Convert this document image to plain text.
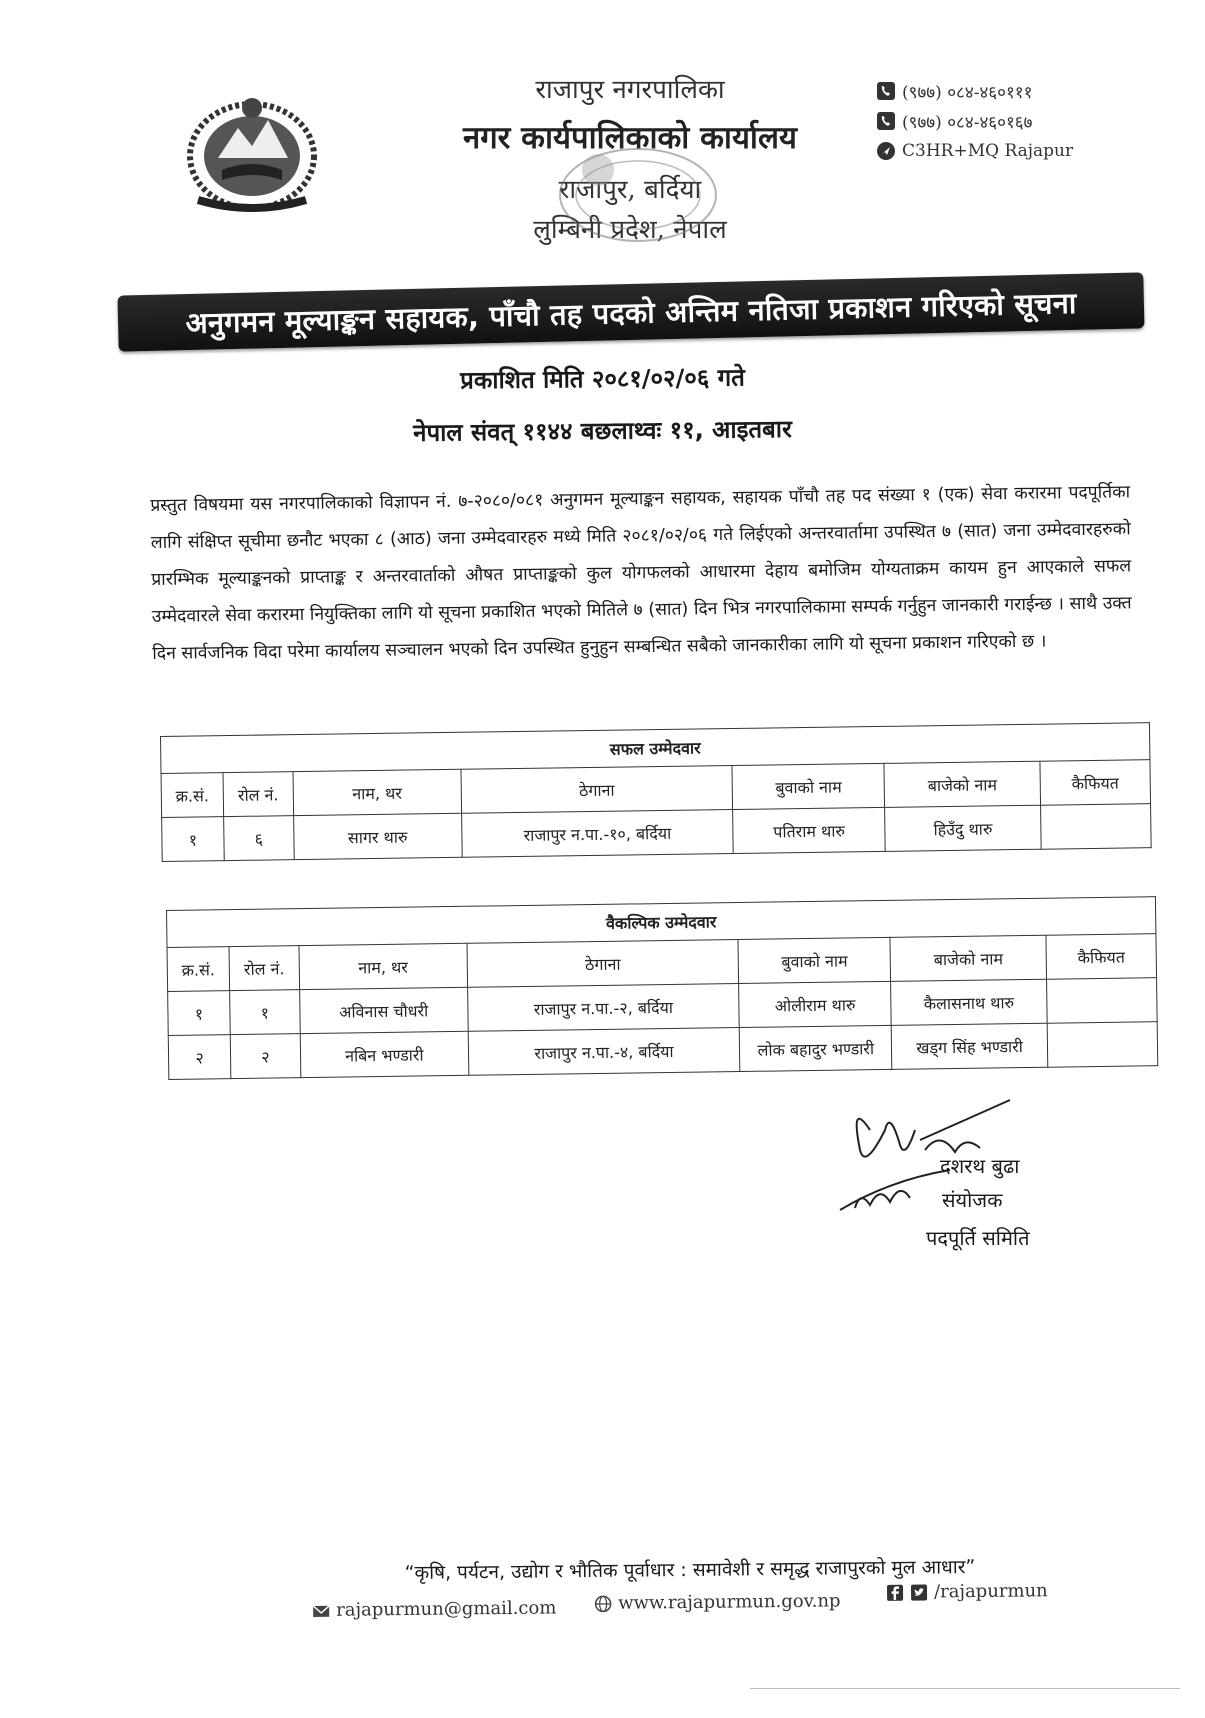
राजापुर नगरपालिका
नगर कार्यपालिकाको कार्यालय
राजापुर, बर्दिया
लुम्बिनी प्रदेश, नेपाल
(९७७) ०८४-४६०१११
(९७७) ०८४-४६०१६७
C3HR+MQ Rajapur
अनुगमन मूल्याङ्कन सहायक, पाँचौ तह पदको अन्तिम नतिजा प्रकाशन गरिएको सूचना
प्रकाशित मिति २०८१/०२/०६ गते
नेपाल संवत् ११४४ बछलाथ्वः ११, आइतबार
प्रस्तुत विषयमा यस नगरपालिकाको विज्ञापन नं. ७-२०८०/०८१ अनुगमन मूल्याङ्कन सहायक, सहायक पाँचौ तह पद संख्या १ (एक) सेवा करारमा पदपूर्तिका लागि संक्षिप्त सूचीमा छनौट भएका ८ (आठ) जना उम्मेदवारहरु मध्ये मिति २०८१/०२/०६ गते लिईएको अन्तरवार्तामा उपस्थित ७ (सात) जना उम्मेदवारहरुको प्रारम्भिक मूल्याङ्कनको प्राप्ताङ्क र अन्तरवार्ताको औषत प्राप्ताङ्कको कुल योगफलको आधारमा देहाय बमोजिम योग्यताक्रम कायम हुन आएकाले सफल उम्मेदवारले सेवा करारमा नियुक्तिका लागि यो सूचना प्रकाशित भएको मितिले ७ (सात) दिन भित्र नगरपालिकामा सम्पर्क गर्नुहुन जानकारी गराईन्छ । साथै उक्त दिन सार्वजनिक विदा परेमा कार्यालय सञ्चालन भएको दिन उपस्थित हुनुहुन सम्बन्धित सबैको जानकारीका लागि यो सूचना प्रकाशन गरिएको छ ।
सफल उम्मेदवार						
क्र.सं.	रोल नं.	नाम, थर	ठेगाना	बुवाको नाम	बाजेको नाम	कैफियत
१	६	सागर थारु	राजापुर न.पा.-१०, बर्दिया	पतिराम थारु	हिउँदु थारु	
वैकल्पिक उम्मेदवार						
क्र.सं.	रोल नं.	नाम, थर	ठेगाना	बुवाको नाम	बाजेको नाम	कैफियत
१	१	अविनास चौधरी	राजापुर न.पा.-२, बर्दिया	ओलीराम थारु	कैलासनाथ थारु	
२	२	नबिन भण्डारी	राजापुर न.पा.-४, बर्दिया	लोक बहादुर भण्डारी	खड्ग सिंह भण्डारी	
दशरथ बुढा
संयोजक
पदपूर्ति समिति
“कृषि, पर्यटन, उद्योग र भौतिक पूर्वाधार : समावेशी र समृद्ध राजापुरको मुल आधार”
rajapurmun@gmail.com	www.rajapurmun.gov.np	/rajapurmun
